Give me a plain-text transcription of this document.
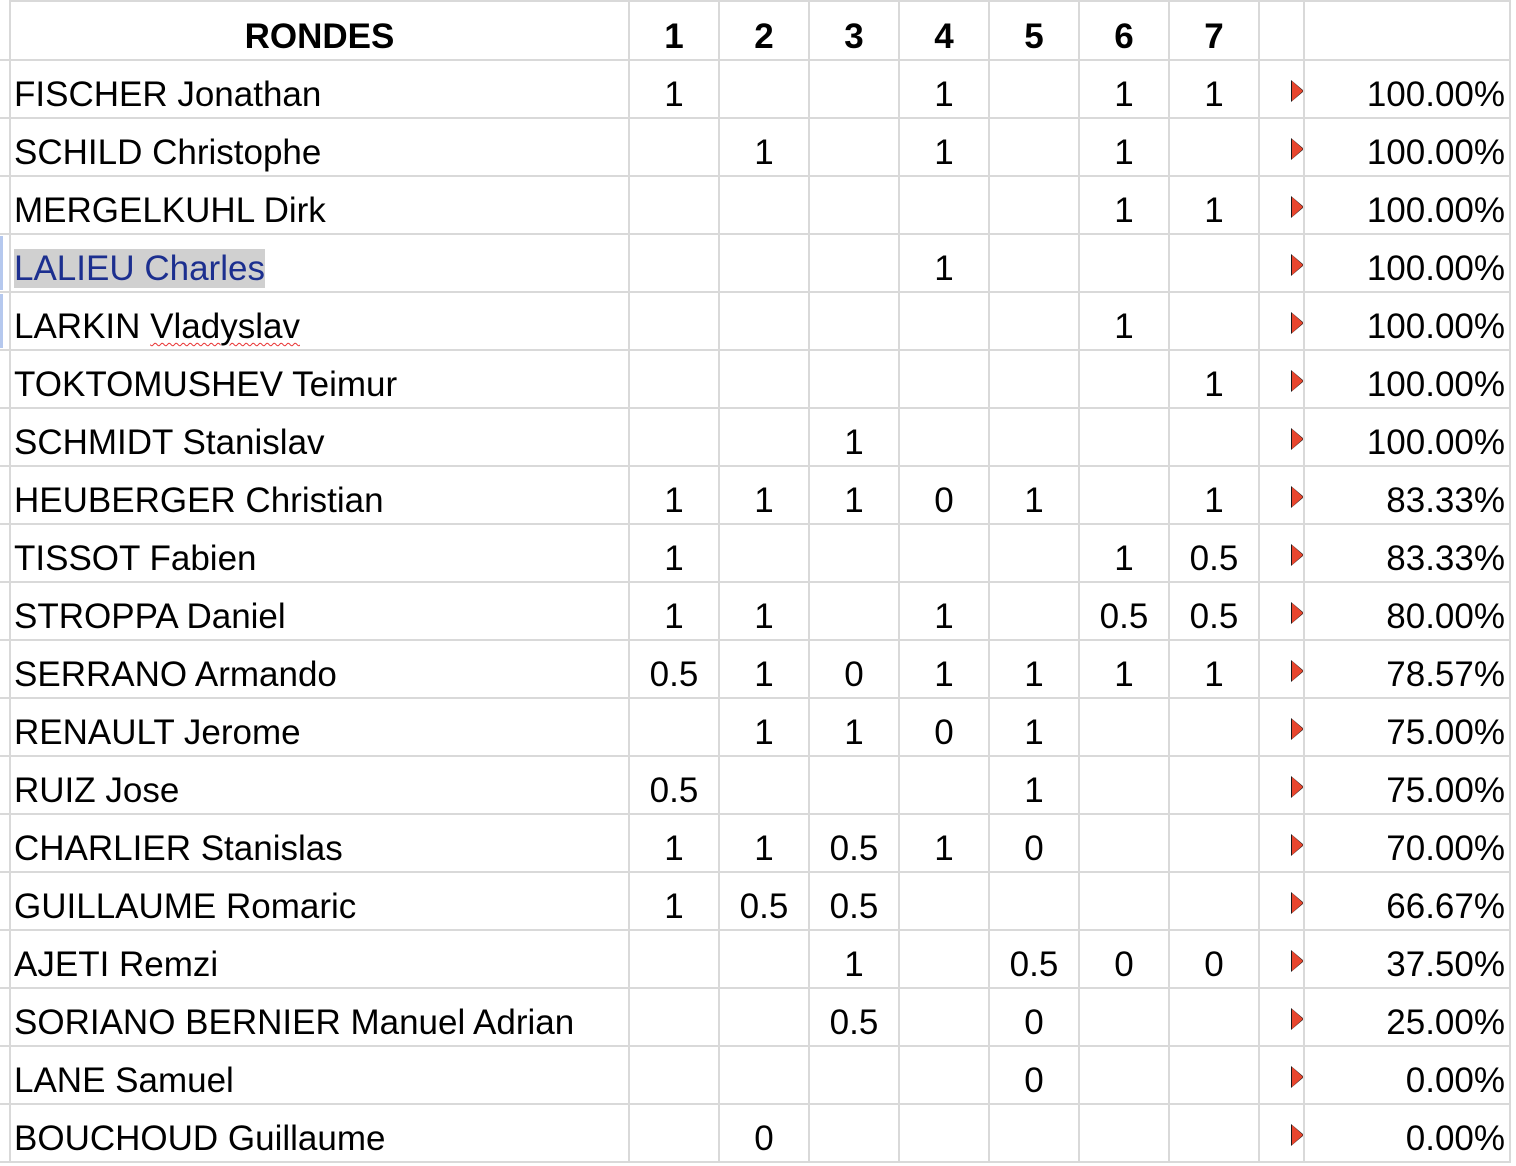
	RONDES	1	2	3	4	5	6	7		
	FISCHER Jonathan	1			1		1	1		100.00%
	SCHILD Christophe		1		1		1			100.00%
	MERGELKUHL Dirk						1	1		100.00%
	LALIEU Charles				1					100.00%
	LARKIN Vladyslav						1			100.00%
	TOKTOMUSHEV Teimur							1		100.00%
	SCHMIDT Stanislav			1						100.00%
	HEUBERGER Christian	1	1	1	0	1		1		83.33%
	TISSOT Fabien	1					1	0.5		83.33%
	STROPPA Daniel	1	1		1		0.5	0.5		80.00%
	SERRANO Armando	0.5	1	0	1	1	1	1		78.57%
	RENAULT Jerome		1	1	0	1				75.00%
	RUIZ Jose	0.5				1				75.00%
	CHARLIER Stanislas	1	1	0.5	1	0				70.00%
	GUILLAUME Romaric	1	0.5	0.5						66.67%
	AJETI Remzi			1		0.5	0	0		37.50%
	SORIANO BERNIER Manuel Adrian			0.5		0				25.00%
	LANE Samuel					0				0.00%
	BOUCHOUD Guillaume		0							0.00%
